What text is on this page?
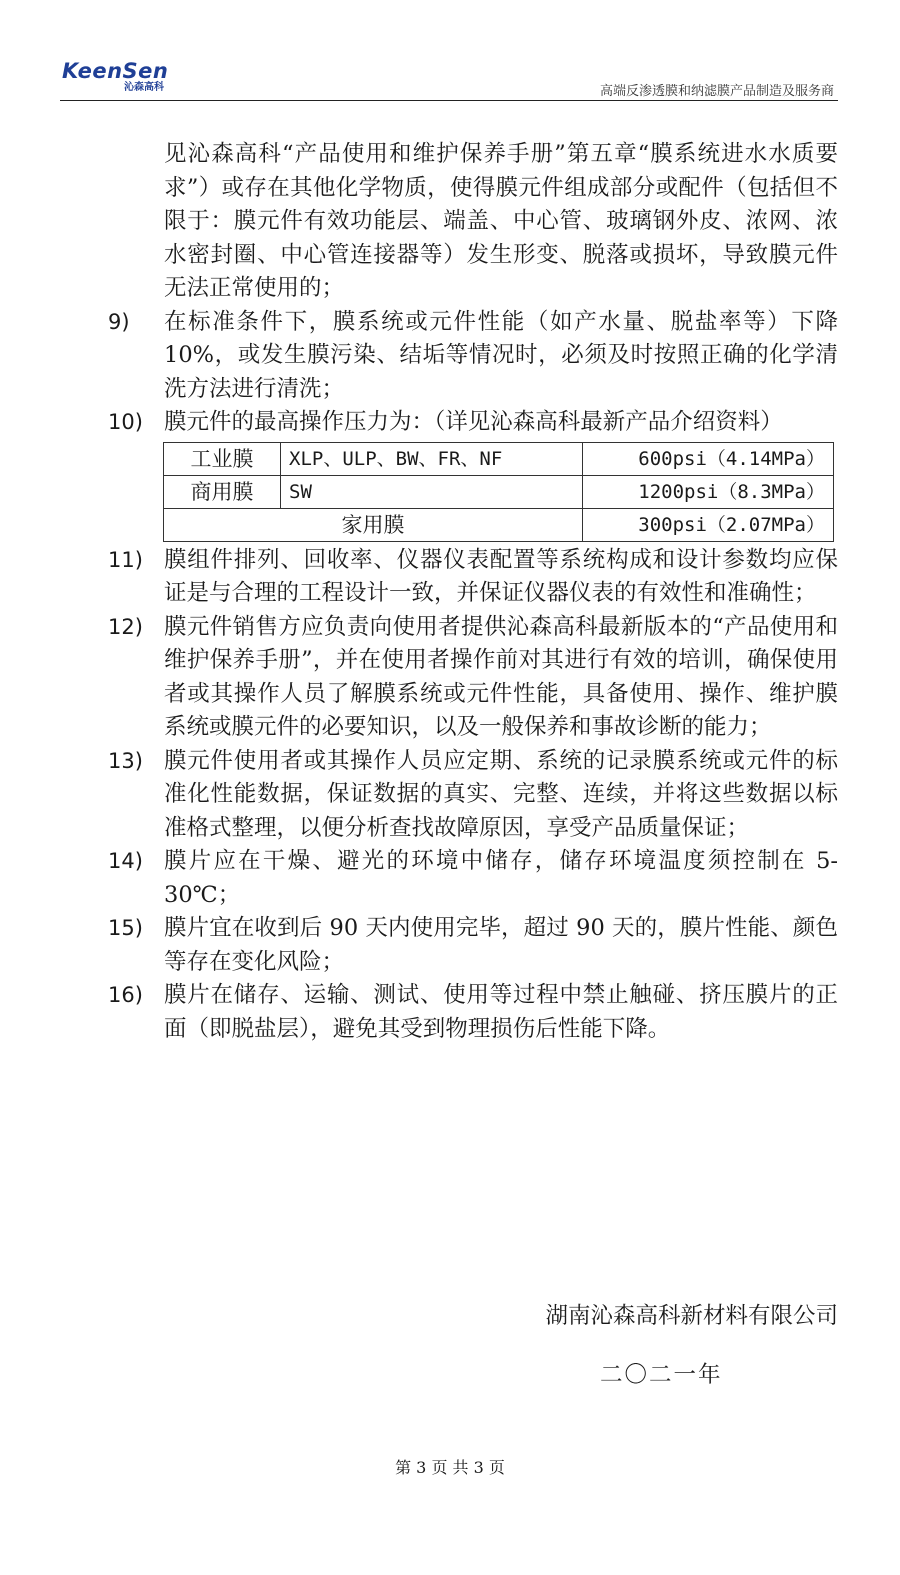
KeenSen
沁森高科	高端反渗透膜和纳滤膜产品制造及服务商
见沁森高科“产品使用和维护保养手册”第五章“膜系统进水水质要求”）或存在其他化学物质，使得膜元件组成部分或配件（包括但不限于：膜元件有效功能层、端盖、中心管、玻璃钢外皮、浓网、浓水密封圈、中心管连接器等）发生形变、脱落或损坏，导致膜元件无法正常使用的；
9)	在标准条件下，膜系统或元件性能（如产水量、脱盐率等）下降 10%，或发生膜污染、结垢等情况时，必须及时按照正确的化学清洗方法进行清洗；
10) 膜元件的最高操作压力为：（详见沁森高科最新产品介绍资料）
工业膜	XLP、ULP、BW、FR、NF	600psi（4.14MPa）
商用膜	SW	1200psi（8.3MPa）
家用膜		300psi（2.07MPa）
11) 膜组件排列、回收率、仪器仪表配置等系统构成和设计参数均应保证是与合理的工程设计一致，并保证仪器仪表的有效性和准确性；
12) 膜元件销售方应负责向使用者提供沁森高科最新版本的“产品使用和维护保养手册”，并在使用者操作前对其进行有效的培训，确保使用者或其操作人员了解膜系统或元件性能，具备使用、操作、维护膜系统或膜元件的必要知识，以及一般保养和事故诊断的能力；
13) 膜元件使用者或其操作人员应定期、系统的记录膜系统或元件的标准化性能数据，保证数据的真实、完整、连续，并将这些数据以标准格式整理，以便分析查找故障原因，享受产品质量保证；
14) 膜片应在干燥、避光的环境中储存，储存环境温度须控制在 5-30℃；
15) 膜片宜在收到后 90 天内使用完毕，超过 90 天的，膜片性能、颜色等存在变化风险；
16) 膜片在储存、运输、测试、使用等过程中禁止触碰、挤压膜片的正面（即脱盐层），避免其受到物理损伤后性能下降。
湖南沁森高科新材料有限公司
二〇二一年
第 3 页 共 3 页
